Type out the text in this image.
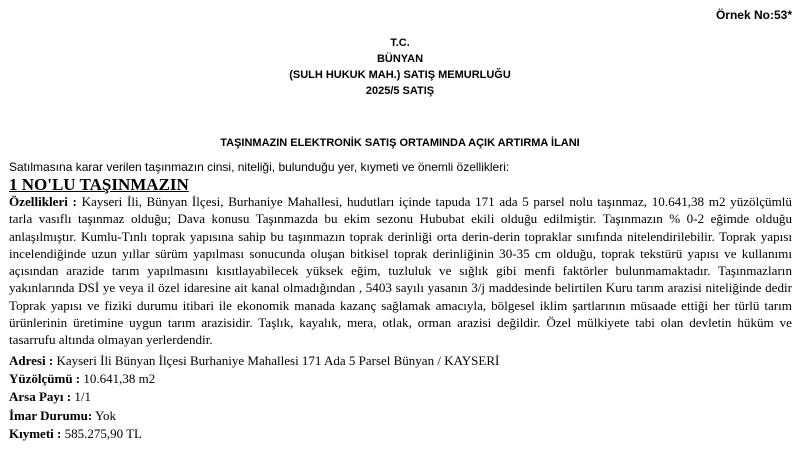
Örnek No:53*
T.C.
BÜNYAN
(SULH HUKUK MAH.) SATIŞ MEMURLUĞU
2025/5 SATIŞ
TAŞINMAZIN ELEKTRONİK SATIŞ ORTAMINDA AÇIK ARTIRMA İLANI
Satılmasına karar verilen taşınmazın cinsi, niteliği, bulunduğu yer, kıymeti ve önemli özellikleri:
1 NO'LU TAŞINMAZIN
Özellikleri : Kayseri İli, Bünyan İlçesi, Burhaniye Mahallesi, hudutları içinde tapuda 171 ada 5 parsel nolu taşınmaz, 10.641,38 m2 yüzölçümlü tarla vasıflı taşınmaz olduğu; Dava konusu Taşınmazda bu ekim sezonu Hububat ekili olduğu edilmiştir. Taşınmazın % 0-2 eğimde olduğu anlaşılmıştır. Kumlu-Tınlı toprak yapısına sahip bu taşınmazın toprak derinliği orta derin-derin topraklar sınıfında nitelendirilebilir. Toprak yapısı incelendiğinde uzun yıllar sürüm yapılması sonucunda oluşan bitkisel toprak derinliğinin 30-35 cm olduğu, toprak tekstürü yapısı ve kullanımı açısından arazide tarım yapılmasını kısıtlayabilecek yüksek eğim, tuzluluk ve sığlık gibi menfi faktörler bulunmamaktadır. Taşınmazların yakınlarında DSİ ye veya il özel idaresine ait kanal olmadığından , 5403 sayılı yasanın 3/j maddesinde belirtilen Kuru tarım arazisi niteliğinde dedir Toprak yapısı ve fiziki durumu itibari ile ekonomik manada kazanç sağlamak amacıyla, bölgesel iklim şartlarının müsaade ettiği her türlü tarım ürünlerinin üretimine uygun tarım arazisidir. Taşlık, kayalık, mera, otlak, orman arazisi değildir. Özel mülkiyete tabi olan devletin hüküm ve tasarrufu altında olmayan yerlerdendir.
Adresi : Kayseri İli Bünyan İlçesi Burhaniye Mahallesi 171 Ada 5 Parsel Bünyan / KAYSERİ
Yüzölçümü : 10.641,38 m2
Arsa Payı : 1/1
İmar Durumu: Yok
Kıymeti : 585.275,90 TL
